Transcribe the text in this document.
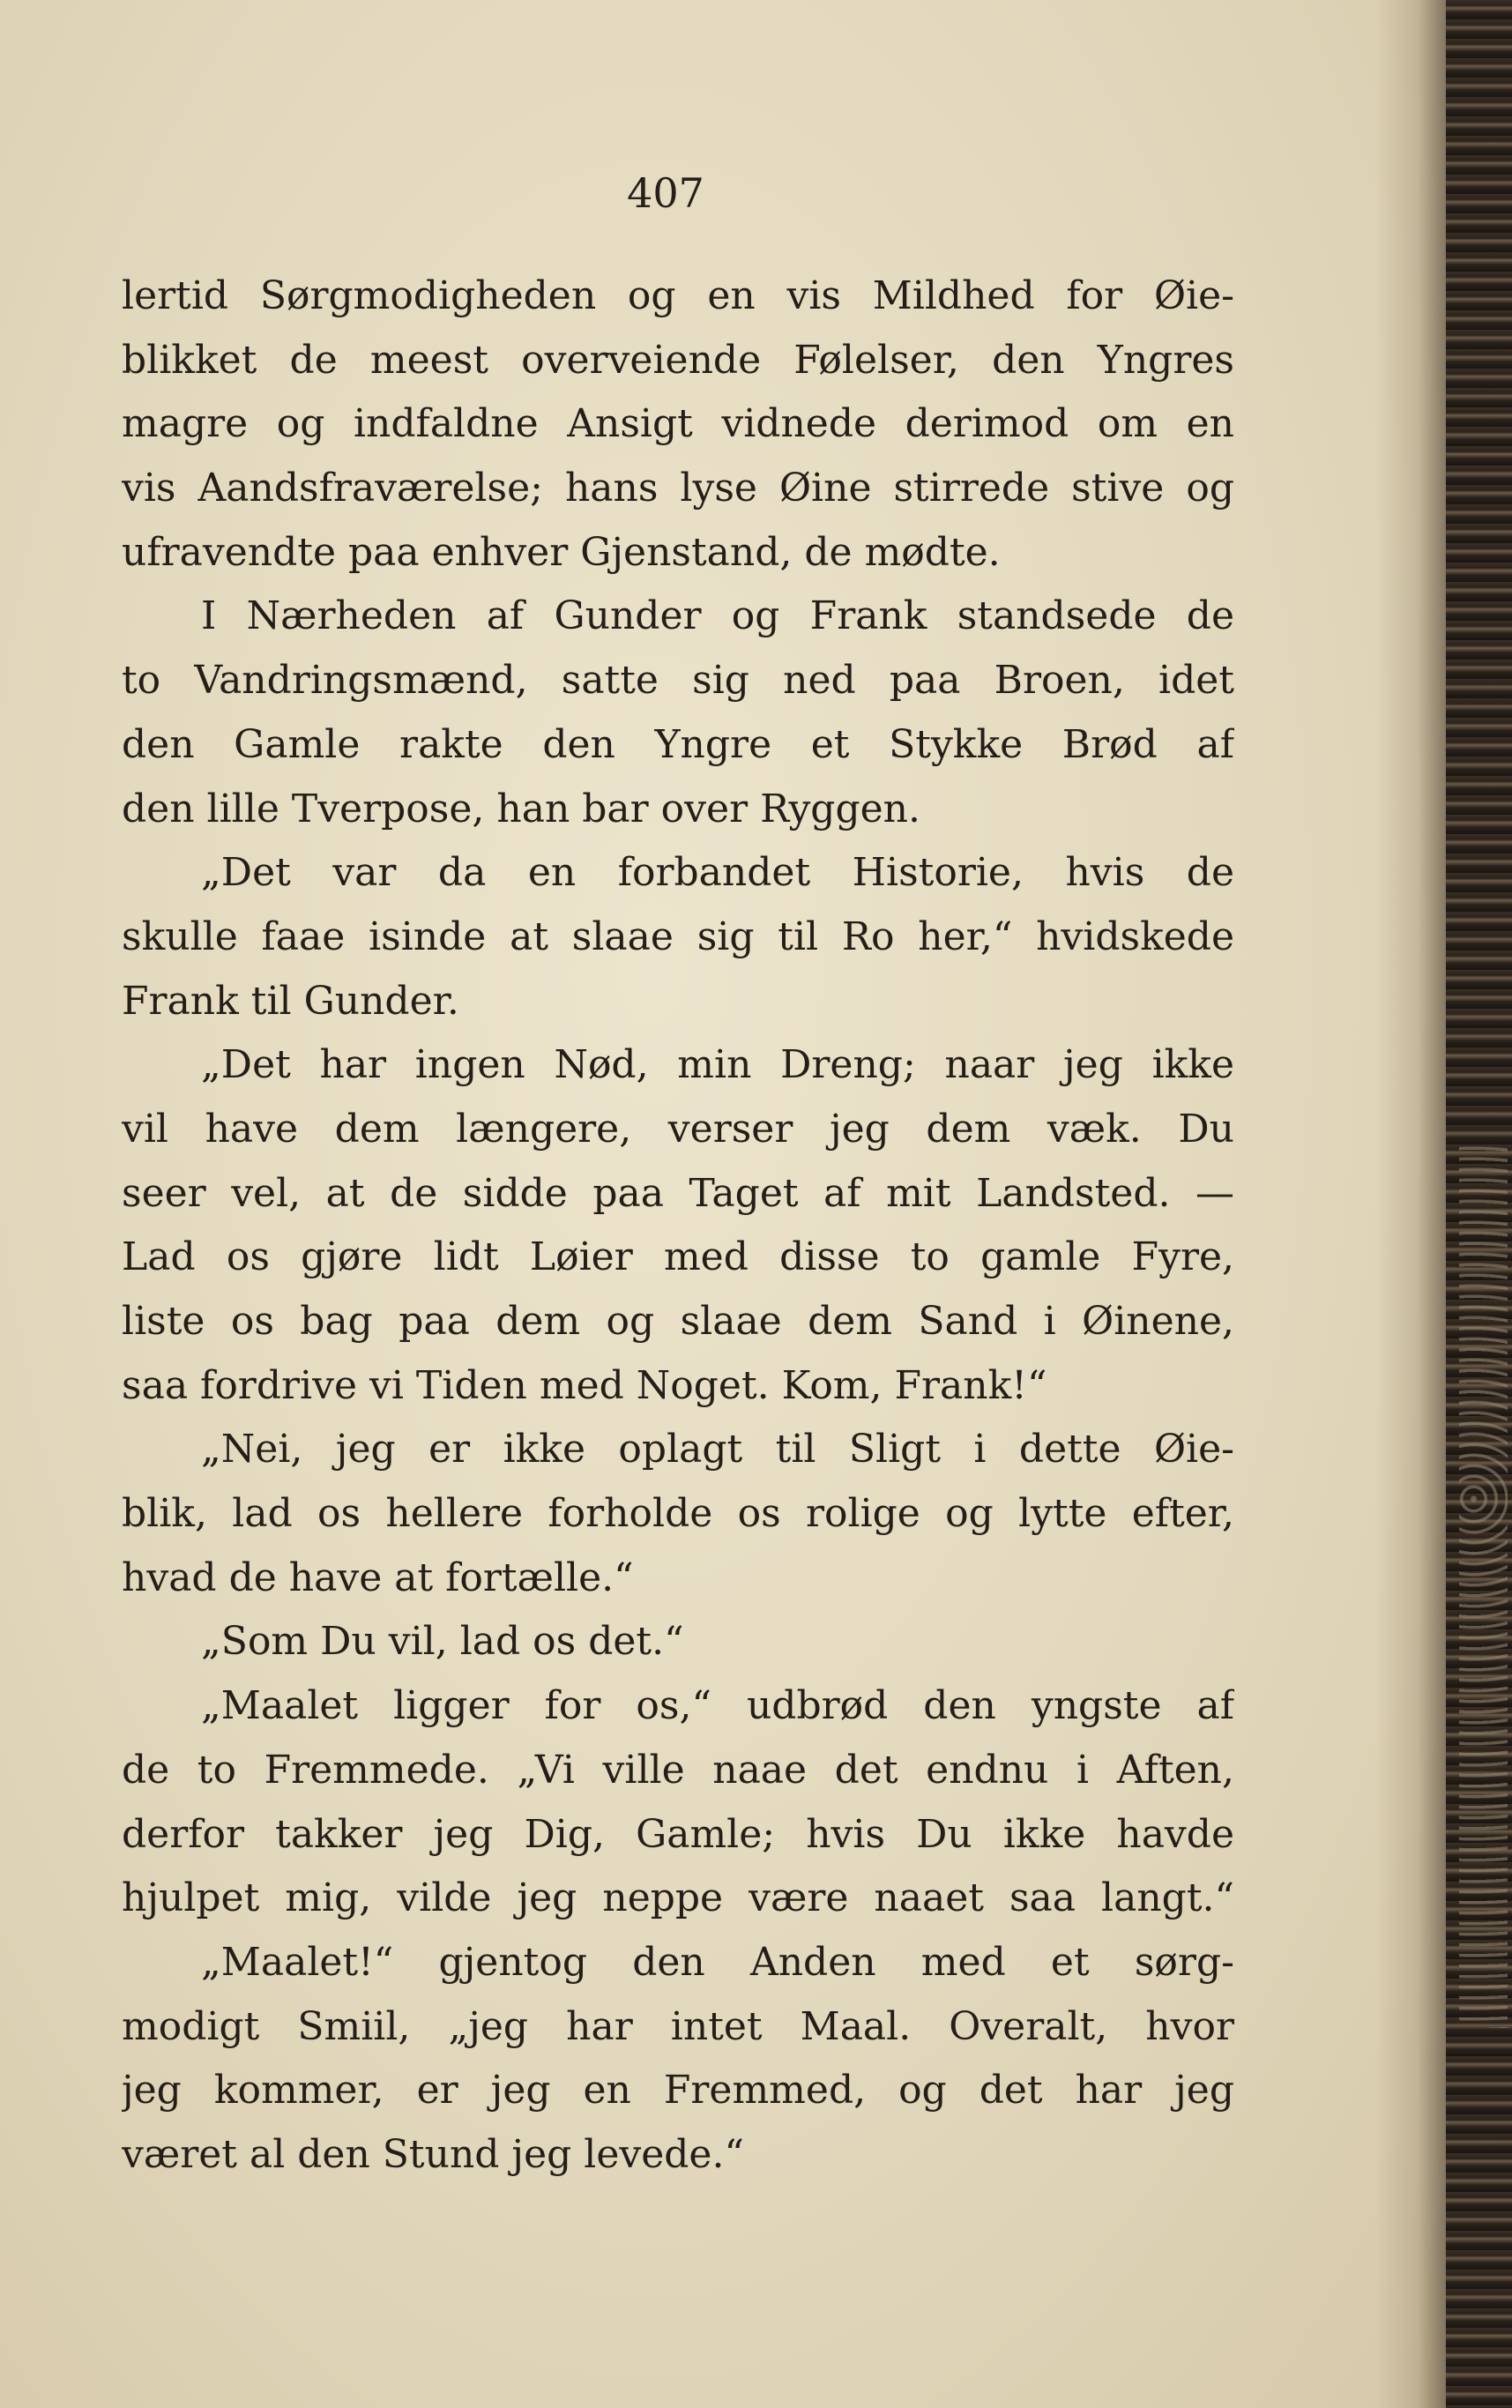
407
lertid Sørgmodigheden og en vis Mildhed for Øie-
blikket de meest overveiende Følelser, den Yngres
magre og indfaldne Ansigt vidnede derimod om en
vis Aandsfraværelse; hans lyse Øine stirrede stive og
ufravendte paa enhver Gjenstand, de mødte.
I Nærheden af Gunder og Frank standsede de
to Vandringsmænd, satte sig ned paa Broen, idet
den Gamle rakte den Yngre et Stykke Brød af
den lille Tverpose, han bar over Ryggen.
„Det var da en forbandet Historie, hvis de
skulle faae isinde at slaae sig til Ro her,“ hvidskede
Frank til Gunder.
„Det har ingen Nød, min Dreng; naar jeg ikke
vil have dem længere, verser jeg dem væk. Du
seer vel, at de sidde paa Taget af mit Landsted. —
Lad os gjøre lidt Løier med disse to gamle Fyre,
liste os bag paa dem og slaae dem Sand i Øinene,
saa fordrive vi Tiden med Noget. Kom, Frank!“
„Nei, jeg er ikke oplagt til Sligt i dette Øie-
blik, lad os hellere forholde os rolige og lytte efter,
hvad de have at fortælle.“
„Som Du vil, lad os det.“
„Maalet ligger for os,“ udbrød den yngste af
de to Fremmede. „Vi ville naae det endnu i Aften,
derfor takker jeg Dig, Gamle; hvis Du ikke havde
hjulpet mig, vilde jeg neppe være naaet saa langt.“
„Maalet!“ gjentog den Anden med et sørg-
modigt Smiil, „jeg har intet Maal. Overalt, hvor
jeg kommer, er jeg en Fremmed, og det har jeg
været al den Stund jeg levede.“
